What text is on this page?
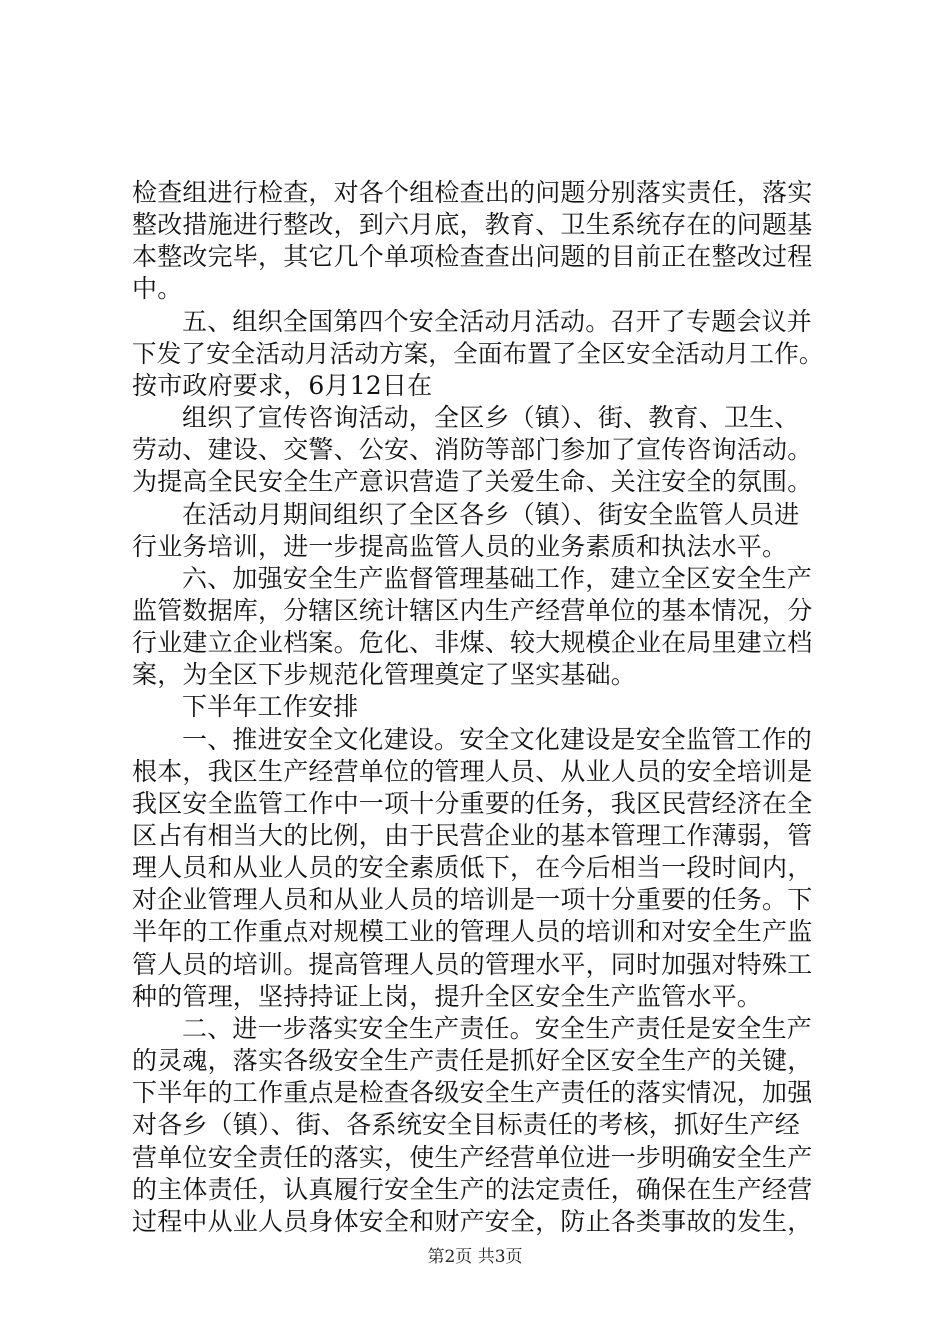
检查组进行检查，对各个组检查出的问题分别落实责任，落实
整改措施进行整改，到六月底，教育、卫生系统存在的问题基
本整改完毕，其它几个单项检查查出问题的目前正在整改过程
中。
五、组织全国第四个安全活动月活动。召开了专题会议并
下发了安全活动月活动方案，全面布置了全区安全活动月工作。
按市政府要求，6月12日在
组织了宣传咨询活动，全区乡（镇）、街、教育、卫生、
劳动、建设、交警、公安、消防等部门参加了宣传咨询活动。
为提高全民安全生产意识营造了关爱生命、关注安全的氛围。
在活动月期间组织了全区各乡（镇）、街安全监管人员进
行业务培训，进一步提高监管人员的业务素质和执法水平。
六、加强安全生产监督管理基础工作，建立全区安全生产
监管数据库，分辖区统计辖区内生产经营单位的基本情况，分
行业建立企业档案。危化、非煤、较大规模企业在局里建立档
案，为全区下步规范化管理奠定了坚实基础。
下半年工作安排
一、推进安全文化建设。安全文化建设是安全监管工作的
根本，我区生产经营单位的管理人员、从业人员的安全培训是
我区安全监管工作中一项十分重要的任务，我区民营经济在全
区占有相当大的比例，由于民营企业的基本管理工作薄弱，管
理人员和从业人员的安全素质低下，在今后相当一段时间内，
对企业管理人员和从业人员的培训是一项十分重要的任务。下
半年的工作重点对规模工业的管理人员的培训和对安全生产监
管人员的培训。提高管理人员的管理水平，同时加强对特殊工
种的管理，坚持持证上岗，提升全区安全生产监管水平。
二、进一步落实安全生产责任。安全生产责任是安全生产
的灵魂，落实各级安全生产责任是抓好全区安全生产的关键，
下半年的工作重点是检查各级安全生产责任的落实情况，加强
对各乡（镇）、街、各系统安全目标责任的考核，抓好生产经
营单位安全责任的落实，使生产经营单位进一步明确安全生产
的主体责任，认真履行安全生产的法定责任，确保在生产经营
过程中从业人员身体安全和财产安全，防止各类事故的发生，
第2页 共3页
